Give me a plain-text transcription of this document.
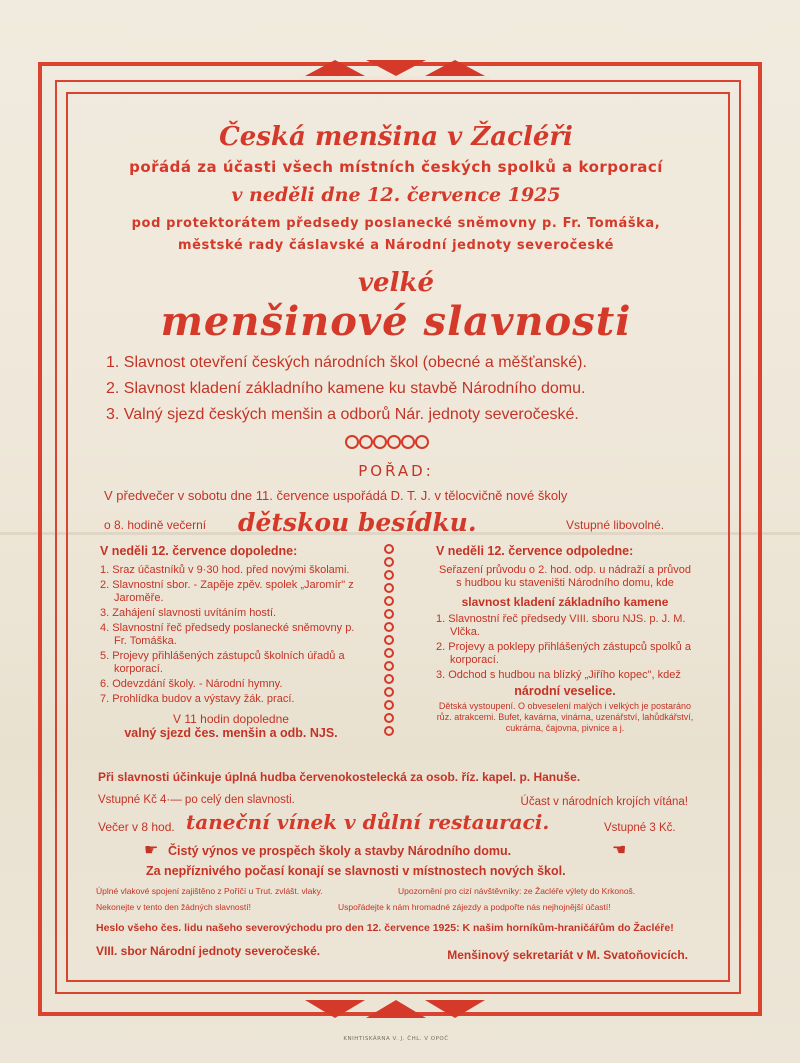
Česká menšina v Žacléři
pořádá za účasti všech místních českých spolků a korporací
v neděli dne 12. července 1925
pod protektorátem předsedy poslanecké sněmovny p. Fr. Tomáška,
městské rady čáslavské a Národní jednoty severočeské
velké
menšinové slavnosti
1. Slavnost otevření českých národních škol (obecné a měšťanské).
2. Slavnost kladení základního kamene ku stavbě Národního domu.
3. Valný sjezd českých menšin a odborů Nár. jednoty severočeské.
POŘAD:
V předvečer v sobotu dne 11. července uspořádá D. T. J. v tělocvičně nové školy
o 8. hodině večerní dětskou besídku.	Vstupné libovolné.
V neděli 12. července dopoledne:
1. Sraz účastníků v 9·30 hod. před novými školami.
2. Slavnostní sbor. - Zapěje zpěv. spolek „Jaromír" z Jaroměře.
3. Zahájení slavnosti uvítáním hostí.
4. Slavnostní řeč předsedy poslanecké sněmovny p. Fr. Tomáška.
5. Projevy přihlášených zástupců školních úřadů a korporací.
6. Odevzdání školy. - Národní hymny.
7. Prohlídka budov a výstavy žák. prací.
V 11 hodin dopoledne
valný sjezd čes. menšin a odb. NJS.
V neděli 12. července odpoledne:
Seřazení průvodu o 2. hod. odp. u nádraží a průvod s hudbou ku staveništi Národního domu, kde
slavnost kladení základního kamene
1. Slavnostní řeč předsedy VIII. sboru NJS. p. J. M. Vlčka.
2. Projevy a poklepy přihlášených zástupců spolků a korporací.
3. Odchod s hudbou na blízký „Jiřího kopec", kdež
národní veselice.
Dětská vystoupení. O obveselení malých i velkých je postaráno růz. atrakcemi. Bufet, kavárna, vinárna, uzenářství, lahůdkářství, cukrárna, čajovna, pivnice a j.
Při slavnosti účinkuje úplná hudba červenokostelecká za osob. říz. kapel. p. Hanuše.
Vstupné Kč 4·— po celý den slavnosti.	Účast v národních krojích vítána!
Večer v 8 hod. taneční vínek v důlní restauraci.	Vstupné 3 Kč.
☛ Čistý výnos ve prospěch školy a stavby Národního domu.	☚
Za nepříznivého počasí konají se slavnosti v místnostech nových škol.
Úplné vlakové spojení zajištěno z Poříčí u Trut. zvlášt. vlaky.	Upozornění pro cizí návštěvníky: ze Žacléře výlety do Krkonoš.
Nekonejte v tento den žádných slavností!	Uspořádejte k nám hromadné zájezdy a podpořte nás nejhojnější účastí!
Heslo všeho čes. lidu našeho severovýchodu pro den 12. července 1925: K našim horníkům-hraničářům do Žacléře!
VIII. sbor Národní jednoty severočeské.	Menšinový sekretariát v M. Svatoňovicích.
KNIHTISKÁRNA V. J. ČHL. V OPOČ
